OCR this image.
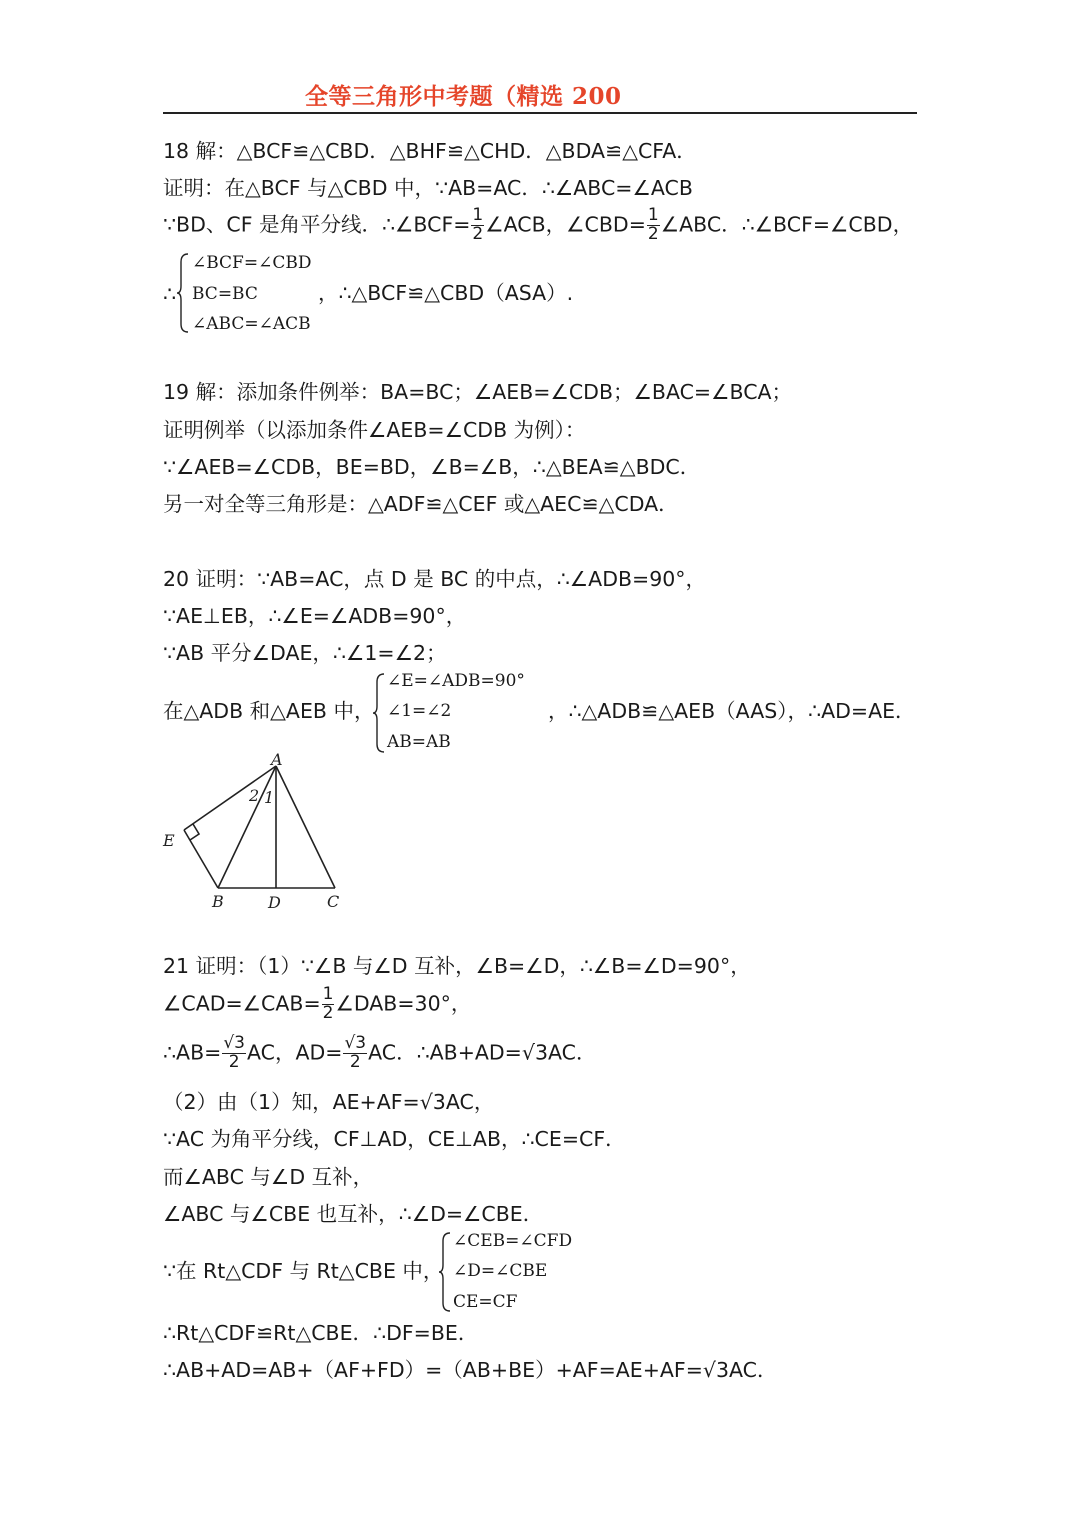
全等三角形中考题（精选 200
18 解：△BCF≌△CBD．△BHF≌△CHD．△BDA≌△CFA．
证明：在△BCF 与△CBD 中，∵AB=AC．∴∠ABC=∠ACB
∵BD、CF 是角平分线．∴∠BCF= $\frac{1}{2}$ ∠ACB，∠CBD= $\frac{1}{2}$ ∠ABC．∴∠BCF=∠CBD，
∴
∠BCF=∠CBD
BC=BC
∠ABC=∠ACB
，∴△BCF≌△CBD（ASA）.
19 解：添加条件例举：BA=BC；∠AEB=∠CDB；∠BAC=∠BCA；
证明例举（以添加条件∠AEB=∠CDB 为例）：
∵∠AEB=∠CDB，BE=BD，∠B=∠B，∴△BEA≌△BDC．
另一对全等三角形是：△ADF≌△CEF 或△AEC≌△CDA．
20 证明：∵AB=AC，点 D 是 BC 的中点，∴∠ADB=90°，
∵AE⊥EB，∴∠E=∠ADB=90°，
∵AB 平分∠DAE，∴∠1=∠2；
在△ADB 和△AEB 中，
∠E=∠ADB=90°
∠1=∠2
AB=AB
，∴△ADB≌△AEB（AAS），∴AD=AE．
A
E
B	D	C
2 1
21 证明：（1）∵∠B 与∠D 互补，∠B=∠D，∴∠B=∠D=90°，
∠CAD=∠CAB= $\frac{1}{2}$ ∠DAB=30°，
∴AB= $\frac{√3}{2}$ AC，$AD= \frac{√3}{2}$ AC．∴AB+AD=√3AC．
（2）由（1）知，AE+AF=√3AC，
∵AC 为角平分线，CF⊥AD，CE⊥AB，∴CE=CF．
而∠ABC 与∠D 互补，
∠ABC 与∠CBE 也互补，∴∠D=∠CBE．
∵在 Rt△CDF 与 Rt△CBE 中，
∠CEB=∠CFD
∠D=∠CBE
CE=CF
∴Rt△CDF≌Rt△CBE．∴DF=BE．
∴AB+AD=AB+（AF+FD）=（AB+BE）+AF=AE+AF=√3AC．
